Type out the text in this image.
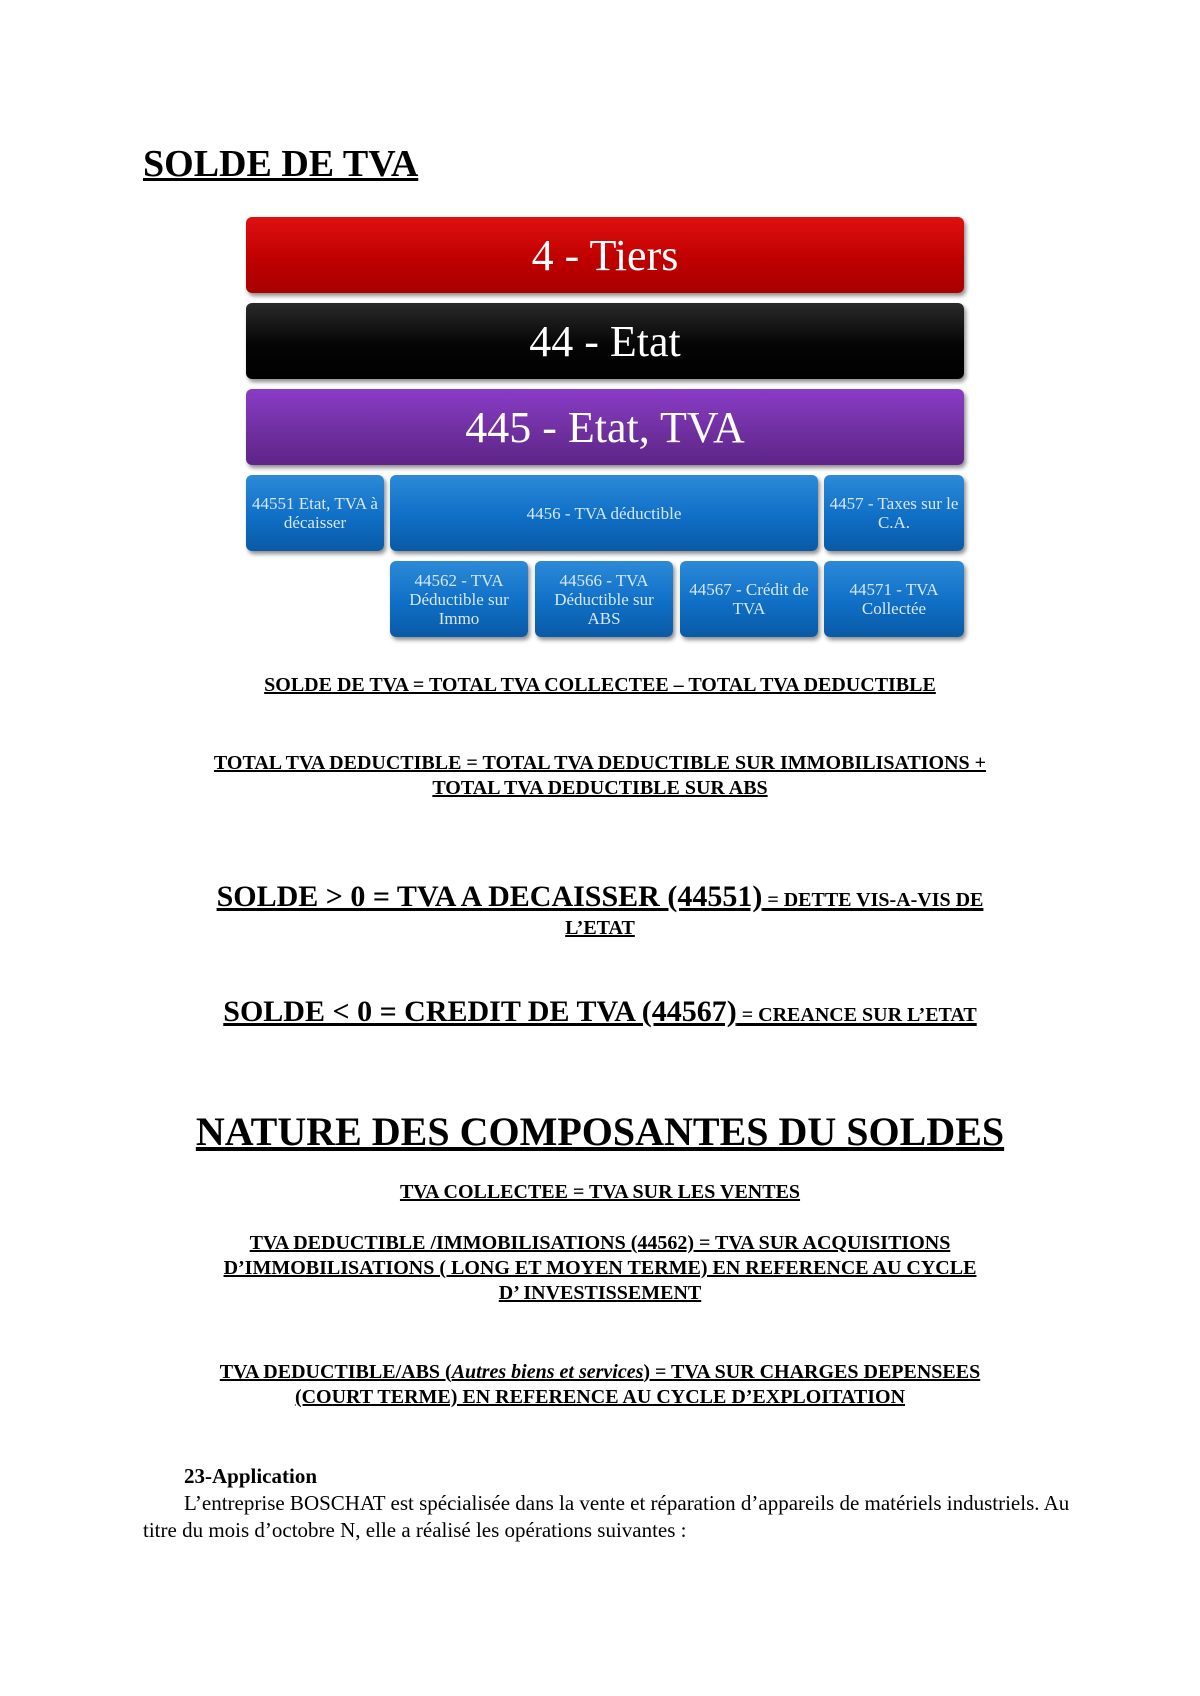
SOLDE DE TVA
4 - Tiers
44 - Etat
445 - Etat, TVA
44551 Etat, TVA à décaisser	4456 - TVA déductible	4457 - Taxes sur le C.A.
44562 - TVA Déductible sur Immo
44566 - TVA Déductible sur ABS
44567 - Crédit de TVA
44571 - TVA Collectée

SOLDE DE TVA = TOTAL TVA COLLECTEE – TOTAL TVA DEDUCTIBLE

TOTAL TVA DEDUCTIBLE = TOTAL TVA DEDUCTIBLE SUR IMMOBILISATIONS +

TOTAL TVA DEDUCTIBLE SUR ABS

SOLDE > 0 = TVA A DECAISSER (44551) = DETTE VIS-A-VIS DE

L’ETAT

SOLDE < 0 = CREDIT DE TVA (44567) = CREANCE SUR L’ETAT

NATURE DES COMPOSANTES DU SOLDES

TVA COLLECTEE = TVA SUR LES VENTES

TVA DEDUCTIBLE /IMMOBILISATIONS (44562) = TVA SUR ACQUISITIONS

D’IMMOBILISATIONS ( LONG ET MOYEN TERME) EN REFERENCE AU CYCLE

D’ INVESTISSEMENT

TVA DEDUCTIBLE/ABS (Autres biens et services) = TVA SUR CHARGES DEPENSEES

(COURT TERME) EN REFERENCE AU CYCLE D’EXPLOITATION

23-Application

L’entreprise BOSCHAT est spécialisée dans la vente et réparation d’appareils de matériels industriels. Au titre du mois d’octobre N, elle a réalisé les opérations suivantes :
